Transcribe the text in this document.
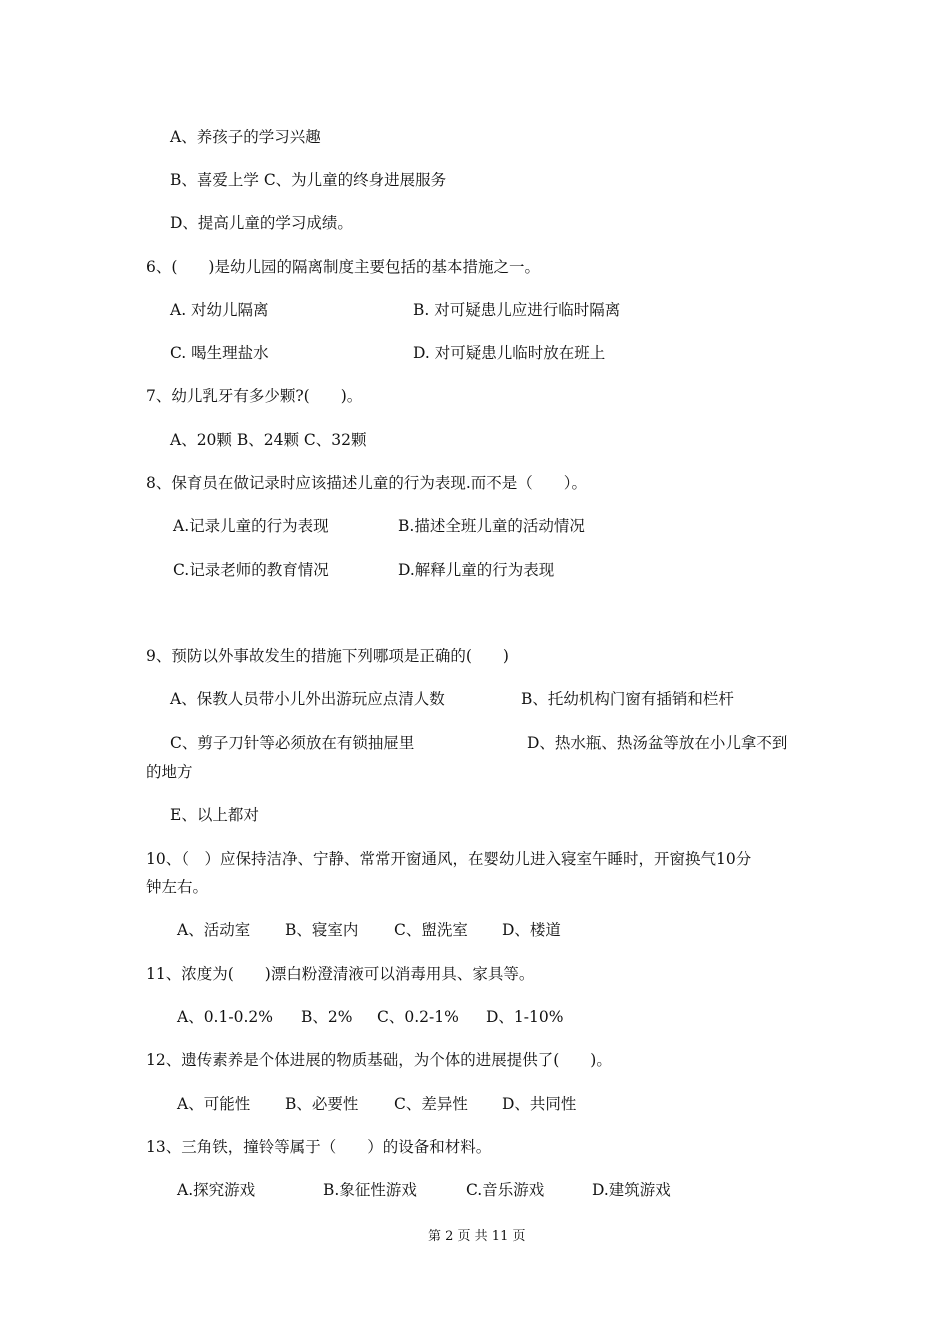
A、养孩子的学习兴趣
B、喜爱上学 C、为儿童的终身进展服务
D、提高儿童的学习成绩。
6、(　　)是幼儿园的隔离制度主要包括的基本措施之一。
A. 对幼儿隔离	B. 对可疑患儿应进行临时隔离
C. 喝生理盐水	D. 对可疑患儿临时放在班上
7、幼儿乳牙有多少颗?(　　)。
A、20颗 B、24颗 C、32颗
8、保育员在做记录时应该描述儿童的行为表现.而不是（　　）。
A.记录儿童的行为表现	B.描述全班儿童的活动情况
C.记录老师的教育情况	D.解释儿童的行为表现
9、预防以外事故发生的措施下列哪项是正确的(　　)
A、保教人员带小儿外出游玩应点清人数	B、托幼机构门窗有插销和栏杆
C、剪子刀针等必须放在有锁抽屉里	D、热水瓶、热汤盆等放在小儿拿不到
的地方
E、以上都对
10、（　）应保持洁净、宁静、常常开窗通风，在婴幼儿进入寝室午睡时，开窗换气10分
钟左右。
A、活动室 B、寝室内 C、盥洗室 D、楼道
11、浓度为(　　)漂白粉澄清液可以消毒用具、家具等。
A、0.1-0.2% B、2% C、0.2-1% D、1-10%
12、遗传素养是个体进展的物质基础，为个体的进展提供了(　　)。
A、可能性 B、必要性 C、差异性 D、共同性
13、三角铁，撞铃等属于（　　）的设备和材料。
A.探究游戏	B.象征性游戏	C.音乐游戏	D.建筑游戏
第 2 页 共 11 页
